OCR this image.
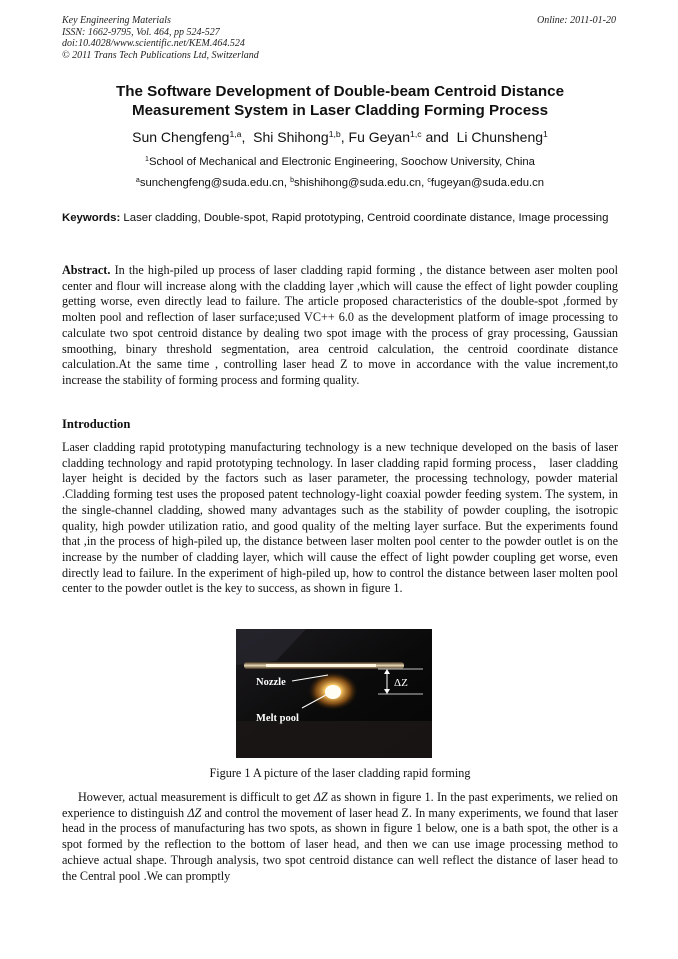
Key Engineering Materials
ISSN: 1662-9795, Vol. 464, pp 524-527
doi:10.4028/www.scientific.net/KEM.464.524
© 2011 Trans Tech Publications Ltd, Switzerland
Online: 2011-01-20
The Software Development of Double-beam Centroid Distance
Measurement System in Laser Cladding Forming Process
Sun Chengfeng$^{1,a}$,  Shi Shihong$^{1,b}$, Fu Geyan$^{1,c}$ and  Li Chunsheng$^1$
$^1$School of Mechanical and Electronic Engineering, Soochow University, China
$^a$sunchengfeng@suda.edu.cn, $^b$shishihong@suda.edu.cn, $^c$fugeyan@suda.edu.cn
Keywords: Laser cladding, Double-spot, Rapid prototyping, Centroid coordinate distance, Image processing
Abstract. In the high-piled up process of laser cladding rapid forming , the distance between aser molten pool center and flour will increase along with the cladding layer ,which will cause the effect of light powder coupling getting worse, even directly lead to failure. The article proposed characteristics of the double-spot ,formed by molten pool and reflection of laser surface;used VC++ 6.0 as the development platform of image processing to calculate two spot centroid distance by dealing two spot image with the process of gray processing, Gaussian smoothing, binary threshold segmentation, area centroid calculation, the centroid coordinate distance calculation.At the same time , controlling laser head Z to move in accordance with the value increment,to increase the stability of forming process and forming quality.
Introduction
Laser cladding rapid prototyping manufacturing technology is a new technique developed on the basis of laser cladding technology and rapid prototyping technology. In laser cladding rapid forming process， laser cladding layer height is decided by the factors such as laser parameter, the processing technology, powder material .Cladding forming test uses the proposed patent technology-light coaxial powder feeding system. The system, in the single-channel cladding, showed many advantages such as the stability of powder coupling, the isotropic quality, high powder utilization ratio, and good quality of the melting layer surface. But the experiments found that ,in the process of high-piled up, the distance between laser molten pool center to the powder outlet is on the increase by the number of cladding layer, which will cause the effect of light powder coupling get worse, even directly lead to failure. In the experiment of high-piled up, how to control the distance between laser molten pool center to the powder outlet is the key to success, as shown in figure 1.
Nozzle
Melt pool
ΔZ
Figure 1 A picture of the laser cladding rapid forming
However, actual measurement is difficult to get ΔZ as shown in figure 1. In the past experiments, we relied on experience to distinguish ΔZ and control the movement of laser head Z. In many experiments, we found that laser head in the process of manufacturing has two spots, as shown in figure 1 below, one is a bath spot, the other is a spot formed by the reflection to the bottom of laser head, and then we can use image processing method to achieve actual shape. Through analysis, two spot centroid distance can well reflect the distance of laser head to the Central pool .We can promptly
